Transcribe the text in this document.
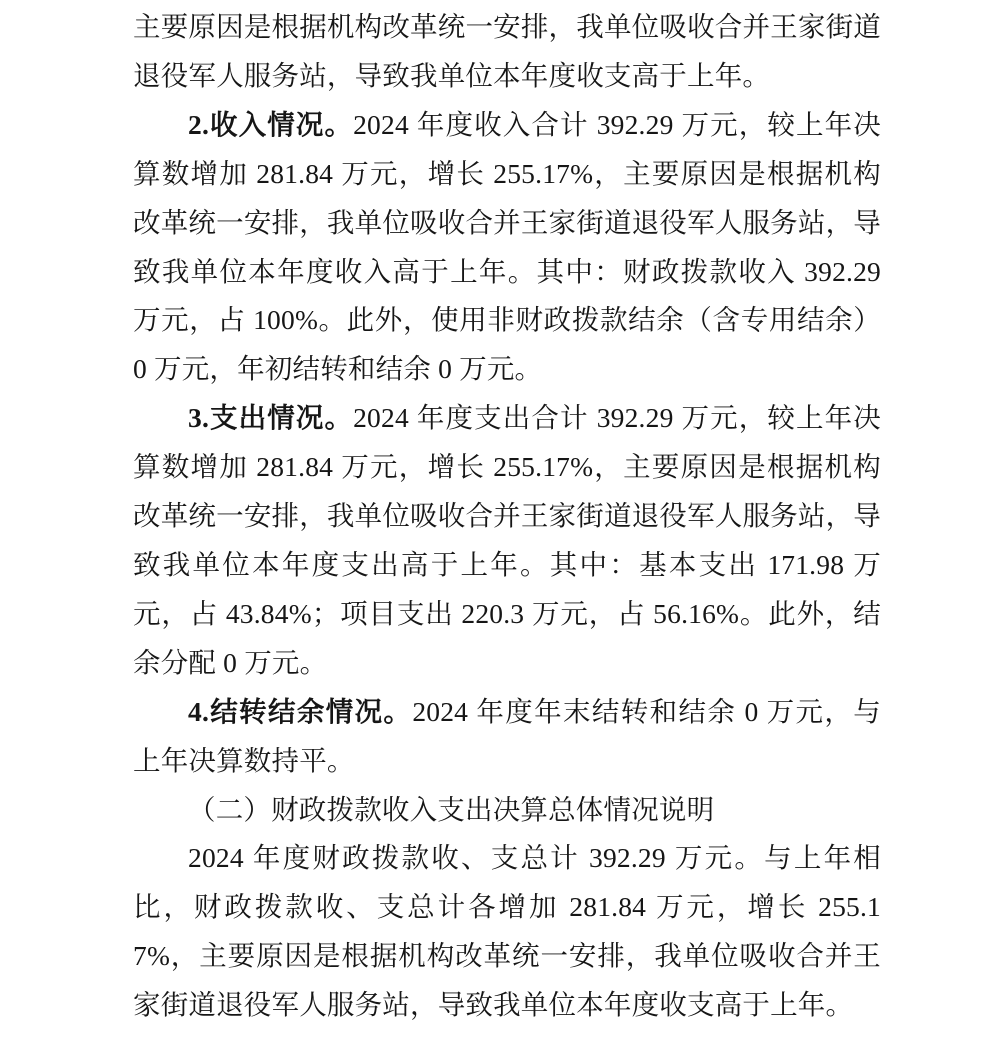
主要原因是根据机构改革统一安排，我单位吸收合并王家街道退役军人服务站，导致我单位本年度收支高于上年。

2.收入情况。2024 年度收入合计 392.29 万元，较上年决算数增加 281.84 万元，增长 255.17%，主要原因是根据机构改革统一安排，我单位吸收合并王家街道退役军人服务站，导致我单位本年度收入高于上年。其中：财政拨款收入 392.29 万元，占 100%。此外，使用非财政拨款结余（含专用结余）0 万元，年初结转和结余 0 万元。

3.支出情况。2024 年度支出合计 392.29 万元，较上年决算数增加 281.84 万元，增长 255.17%，主要原因是根据机构改革统一安排，我单位吸收合并王家街道退役军人服务站，导致我单位本年度支出高于上年。其中：基本支出 171.98 万元，占 43.84%；项目支出 220.3 万元，占 56.16%。此外，结余分配 0 万元。

4.结转结余情况。2024 年度年末结转和结余 0 万元，与上年决算数持平。

（二）财政拨款收入支出决算总体情况说明

2024 年度财政拨款收、支总计 392.29 万元。与上年相比，财政拨款收、支总计各增加 281.84 万元，增长 255.17%，主要原因是根据机构改革统一安排，我单位吸收合并王家街道退役军人服务站，导致我单位本年度收支高于上年。
